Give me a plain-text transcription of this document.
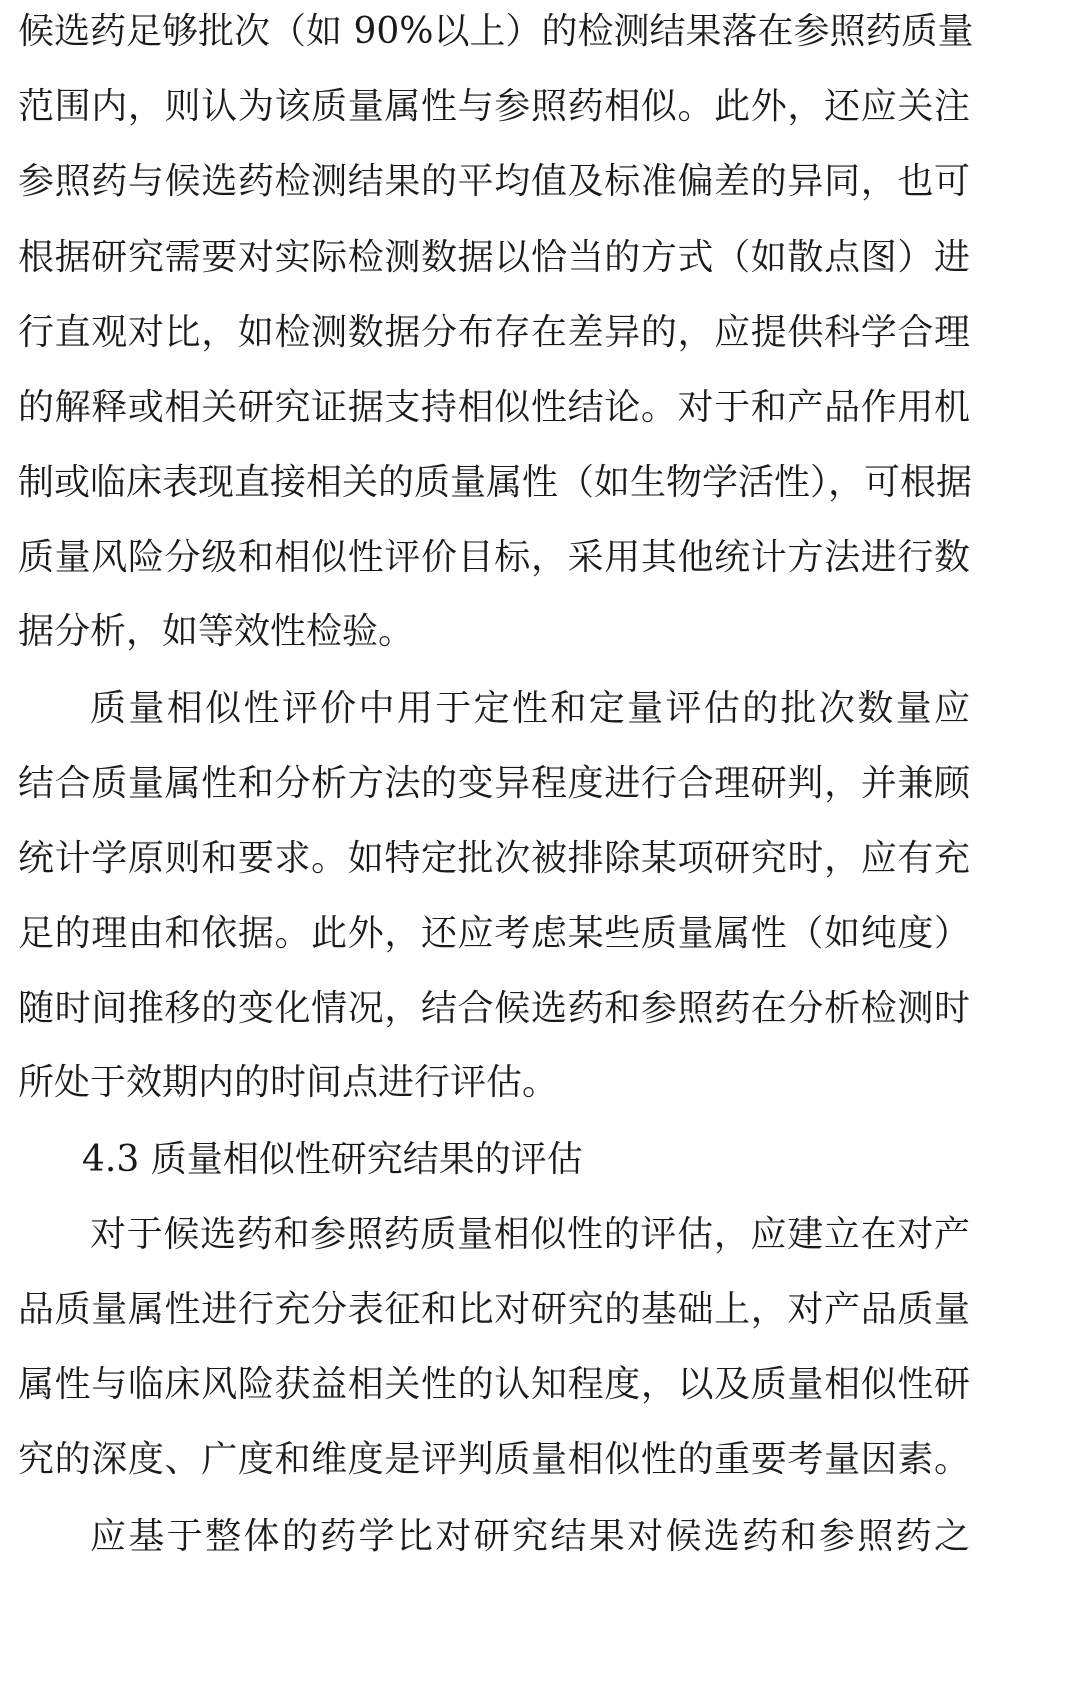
候选药足够批次（如 90%以上）的检测结果落在参照药质量
范围内，则认为该质量属性与参照药相似。此外，还应关注
参照药与候选药检测结果的平均值及标准偏差的异同，也可
根据研究需要对实际检测数据以恰当的方式（如散点图）进
行直观对比，如检测数据分布存在差异的，应提供科学合理
的解释或相关研究证据支持相似性结论。对于和产品作用机
制或临床表现直接相关的质量属性（如生物学活性），可根据
质量风险分级和相似性评价目标，采用其他统计方法进行数
据分析，如等效性检验。
质量相似性评价中用于定性和定量评估的批次数量应
结合质量属性和分析方法的变异程度进行合理研判，并兼顾
统计学原则和要求。如特定批次被排除某项研究时，应有充
足的理由和依据。此外，还应考虑某些质量属性（如纯度）
随时间推移的变化情况，结合候选药和参照药在分析检测时
所处于效期内的时间点进行评估。
4.3 质量相似性研究结果的评估
对于候选药和参照药质量相似性的评估，应建立在对产
品质量属性进行充分表征和比对研究的基础上，对产品质量
属性与临床风险获益相关性的认知程度，以及质量相似性研
究的深度、广度和维度是评判质量相似性的重要考量因素。
应基于整体的药学比对研究结果对候选药和参照药之
